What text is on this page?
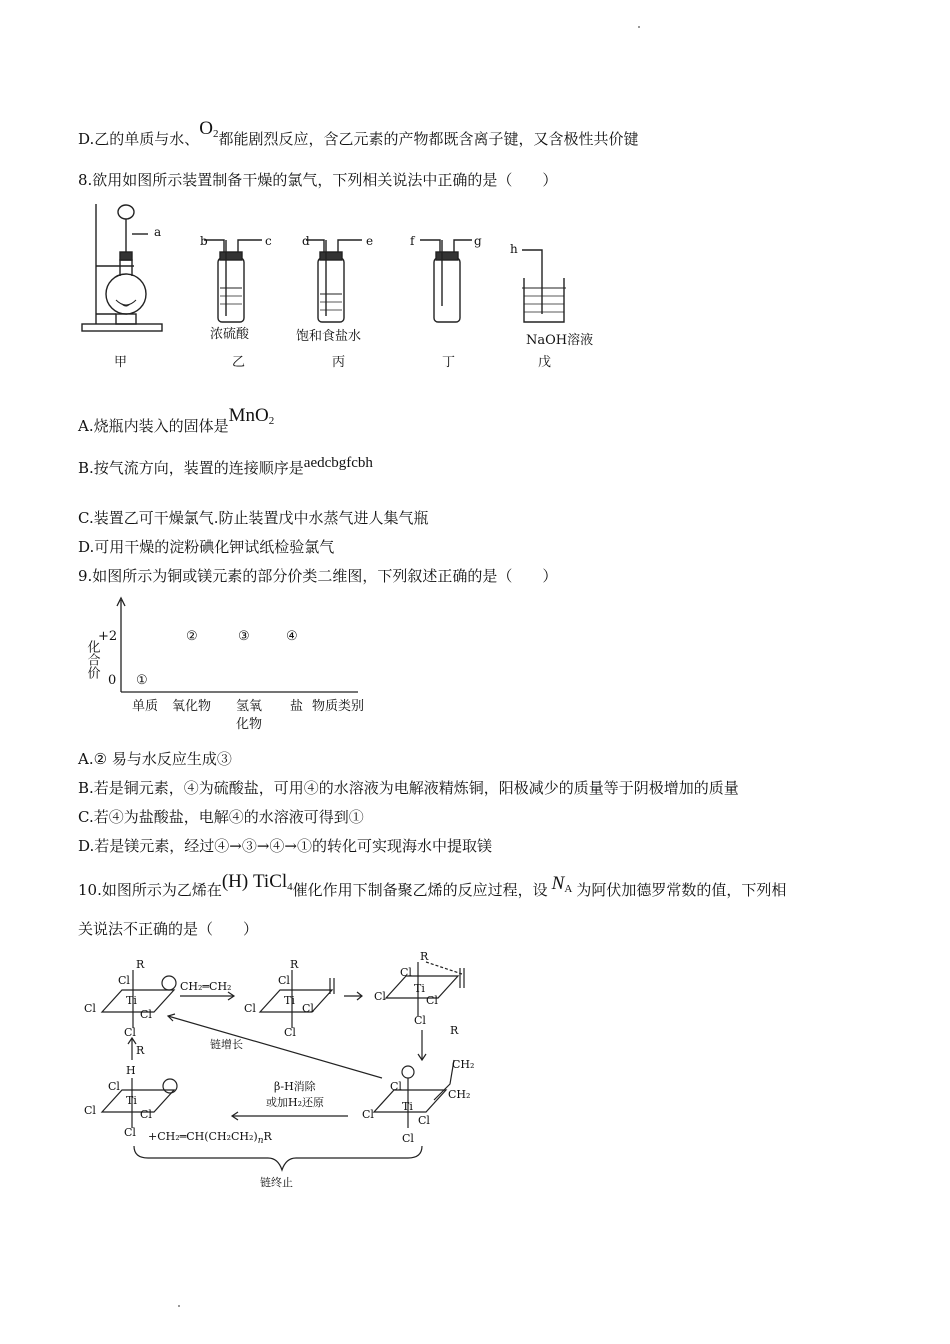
D.乙的单质与水、$O_2$都能剧烈反应，含乙元素的产物都既含离子键，又含极性共价键
8.欲用如图所示装置制备干燥的氯气，下列相关说法中正确的是（　　）
a
b	c	d	e	f	g
h
浓硫酸	饱和食盐水	NaOH溶液
甲	乙	丙	丁	戊
A.烧瓶内装入的固体是MnO$_2$
B.按气流方向，装置的连接顺序是aedcbgfcbh
C.装置乙可干燥氯气.防止装置戊中水蒸气进人集气瓶
D.可用干燥的淀粉碘化钾试纸检验氯气
9.如图所示为铜或镁元素的部分价类二维图，下列叙述正确的是（　　）
化合价
+2
0 ①
②	③	④
单质 氧化物 氢氧
化物
盐 物质类别
A.② 易与水反应生成③
B.若是铜元素，④为硫酸盐，可用④的水溶液为电解液精炼铜，阳极减少的质量等于阴极增加的质量
C.若④为盐酸盐，电解④的水溶液可得到①
D.若是镁元素，经过④→③→④→①的转化可实现海水中提取镁
10.如图所示为乙烯在(H) TiCl$_4$催化作用下制备聚乙烯的反应过程，设 $N_A$ 为阿伏加德罗常数的值，下列相
关说法不正确的是（　　）
Cl
R
Cl
Ti
Cl
Cl
CH₂═CH₂	Cl
R
Cl
Ti
Cl
Cl
Cl
R
Cl
Ti
Cl
Cl
链增长
R
CH₂
CH₂
Cl
Cl
Ti
Cl
Cl
β-H消除
或加H₂还原
R
H
Cl
Cl
Ti
Cl
$Cl +CH_2═CH(CH_2CH_2)_nR$
链终止
